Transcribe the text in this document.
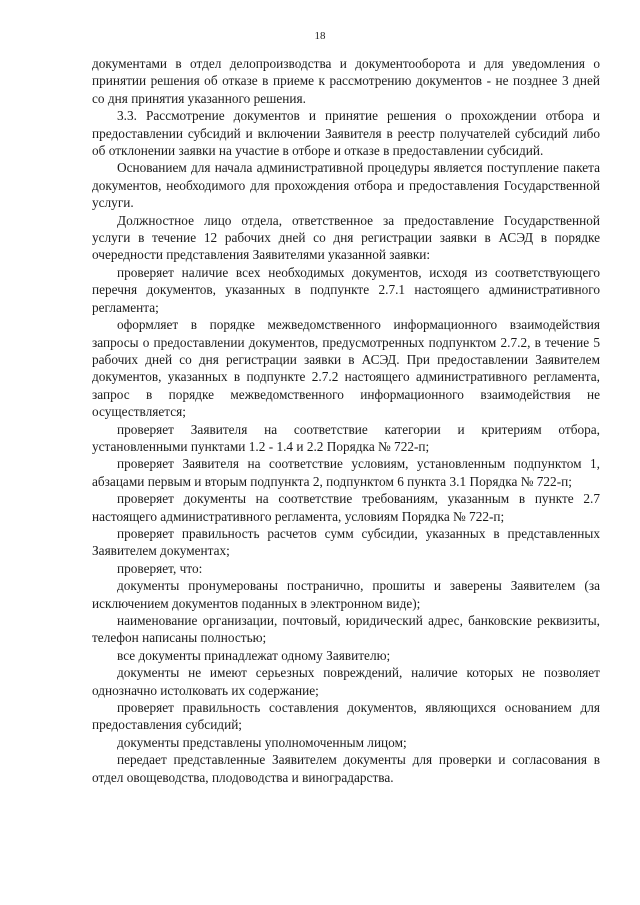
18

документами в отдел делопроизводства и документооборота и для уведомления о принятии решения об отказе в приеме к рассмотрению документов - не позднее 3 дней со дня принятия указанного решения.

3.3. Рассмотрение документов и принятие решения о прохождении отбора и предоставлении субсидий и включении Заявителя в реестр получателей субсидий либо об отклонении заявки на участие в отборе и отказе в предоставлении субсидий.

Основанием для начала административной процедуры является поступление пакета документов, необходимого для прохождения отбора и предоставления Государственной услуги.

Должностное лицо отдела, ответственное за предоставление Государственной услуги в течение 12 рабочих дней со дня регистрации заявки в АСЭД в порядке очередности представления Заявителями указанной заявки:

проверяет наличие всех необходимых документов, исходя из соответствующего перечня документов, указанных в подпункте 2.7.1 настоящего административного регламента;

оформляет в порядке межведомственного информационного взаимодействия запросы о предоставлении документов, предусмотренных подпунктом 2.7.2, в течение 5 рабочих дней со дня регистрации заявки в АСЭД. При предоставлении Заявителем документов, указанных в подпункте 2.7.2 настоящего административного регламента, запрос в порядке межведомственного информационного взаимодействия не осуществляется;

проверяет Заявителя на соответствие категории и критериям отбора, установленными пунктами 1.2 - 1.4 и 2.2 Порядка № 722-п;

проверяет Заявителя на соответствие условиям, установленным подпунктом 1, абзацами первым и вторым подпункта 2, подпунктом 6 пункта 3.1 Порядка № 722-п;

проверяет документы на соответствие требованиям, указанным в пункте 2.7 настоящего административного регламента, условиям Порядка № 722-п;

проверяет правильность расчетов сумм субсидии, указанных в представленных Заявителем документах;

проверяет, что:

документы пронумерованы постранично, прошиты и заверены Заявителем (за исключением документов поданных в электронном виде);

наименование организации, почтовый, юридический адрес, банковские реквизиты, телефон написаны полностью;

все документы принадлежат одному Заявителю;

документы не имеют серьезных повреждений, наличие которых не позволяет однозначно истолковать их содержание;

проверяет правильность составления документов, являющихся основанием для предоставления субсидий;

документы представлены уполномоченным лицом;

передает представленные Заявителем документы для проверки и согласования в отдел овощеводства, плодоводства и виноградарства.
